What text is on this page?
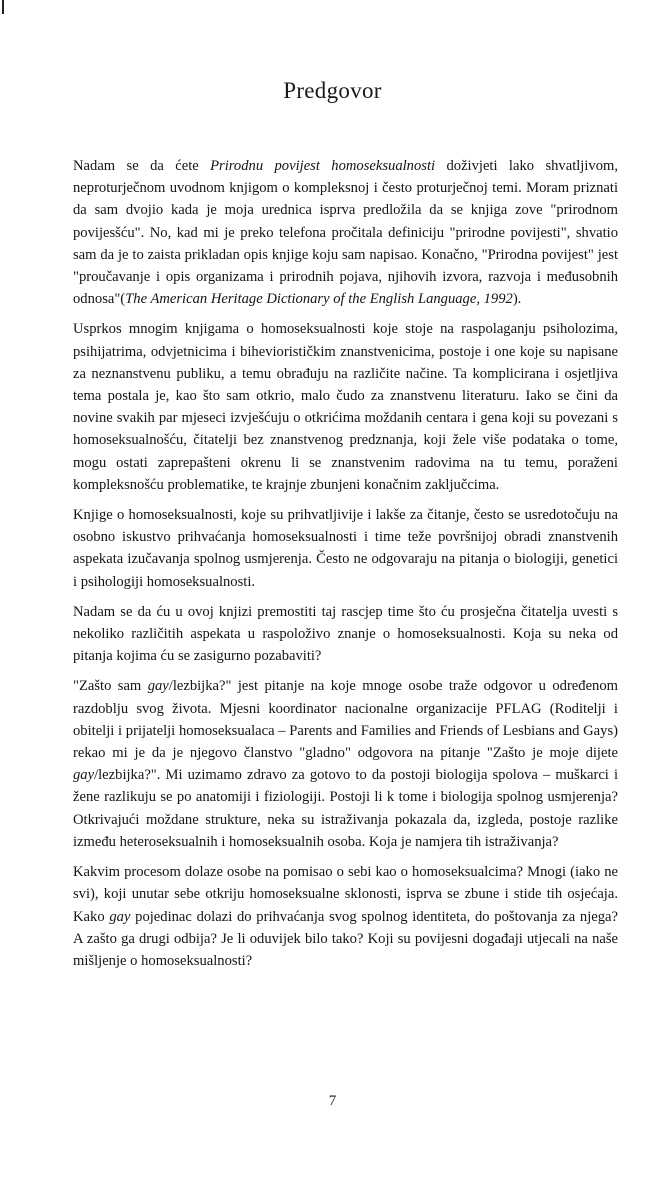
Predgovor

Nadam se da ćete Prirodnu povijest homoseksualnosti doživjeti lako shvatljivom, neproturječnom uvodnom knjigom o kompleksnoj i često proturječnoj temi. Moram priznati da sam dvojio kada je moja urednica isprva predložila da se knjiga zove "prirodnom povijesšću". No, kad mi je preko telefona pročitala definiciju "prirodne povijesti", shvatio sam da je to zaista prikladan opis knjige koju sam napisao. Konačno, "Prirodna povijest" jest "proučavanje i opis organizama i prirodnih pojava, njihovih izvora, razvoja i međusobnih odnosa"(The American Heritage Dictionary of the English Language, 1992).

Usprkos mnogim knjigama o homoseksualnosti koje stoje na raspolaganju psiholozima, psihijatrima, odvjetnicima i biheviorističkim znanstvenicima, postoje i one koje su napisane za neznanstvenu publiku, a temu obrađuju na različite načine. Ta komplicirana i osjetljiva tema postala je, kao što sam otkrio, malo čudo za znanstvenu literaturu. Iako se čini da novine svakih par mjeseci izvješćuju o otkrićima moždanih centara i gena koji su povezani s homoseksualnošću, čitatelji bez znanstvenog predznanja, koji žele više podataka o tome, mogu ostati zaprepašteni okrenu li se znanstvenim radovima na tu temu, poraženi kompleksnošću problematike, te krajnje zbunjeni konačnim zaključcima.

Knjige o homoseksualnosti, koje su prihvatljivije i lakše za čitanje, često se usredotočuju na osobno iskustvo prihvaćanja homoseksualnosti i time teže površnijoj obradi znanstvenih aspekata izučavanja spolnog usmjerenja. Često ne odgovaraju na pitanja o biologiji, genetici i psihologiji homoseksualnosti.

Nadam se da ću u ovoj knjizi premostiti taj rascjep time što ću prosječna čitatelja uvesti s nekoliko različitih aspekata u raspoloživo znanje o homoseksualnosti. Koja su neka od pitanja kojima ću se zasigurno pozabaviti?

"Zašto sam gay/lezbijka?" jest pitanje na koje mnoge osobe traže odgovor u određenom razdoblju svog života. Mjesni koordinator nacionalne organizacije PFLAG (Roditelji i obitelji i prijatelji homoseksualaca – Parents and Families and Friends of Lesbians and Gays) rekao mi je da je njegovo članstvo "gladno" odgovora na pitanje "Zašto je moje dijete gay/lezbijka?". Mi uzimamo zdravo za gotovo to da postoji biologija spolova – muškarci i žene razlikuju se po anatomiji i fiziologiji. Postoji li k tome i biologija spolnog usmjerenja? Otkrivajući moždane strukture, neka su istraživanja pokazala da, izgleda, postoje razlike između heteroseksualnih i homoseksualnih osoba. Koja je namjera tih istraživanja?

Kakvim procesom dolaze osobe na pomisao o sebi kao o homoseksualcima? Mnogi (iako ne svi), koji unutar sebe otkriju homoseksualne sklonosti, isprva se zbune i stide tih osjećaja. Kako gay pojedinac dolazi do prihvaćanja svog spolnog identiteta, do poštovanja za njega? A zašto ga drugi odbija? Je li oduvijek bilo tako? Koji su povijesni događaji utjecali na naše mišljenje o homoseksualnosti?

7
